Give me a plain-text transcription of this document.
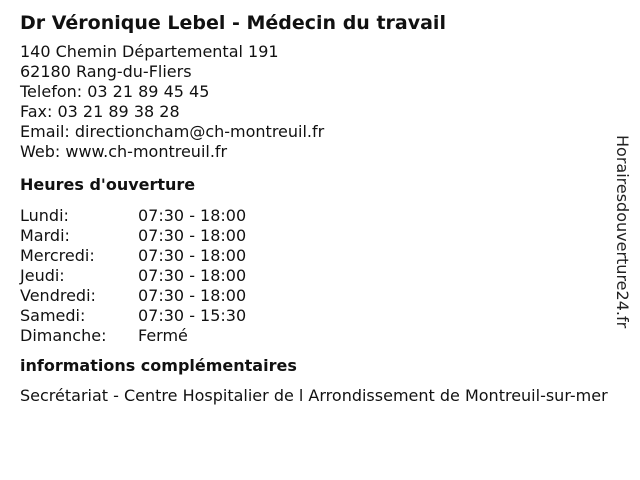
Dr Véronique Lebel - Médecin du travail
140 Chemin Départemental 191
62180 Rang-du-Fliers
Telefon: 03 21 89 45 45
Fax: 03 21 89 38 28
Email: directioncham@ch-montreuil.fr
Web: www.ch-montreuil.fr
Heures d'ouverture
Lundi:	07:30 - 18:00
Mardi:	07:30 - 18:00
Mercredi:	07:30 - 18:00
Jeudi:	07:30 - 18:00
Vendredi:	07:30 - 18:00
Samedi:	07:30 - 15:30
Dimanche:	Fermé
informations complémentaires
Secrétariat - Centre Hospitalier de l Arrondissement de Montreuil-sur-mer
Horairesdouverture24.fr
